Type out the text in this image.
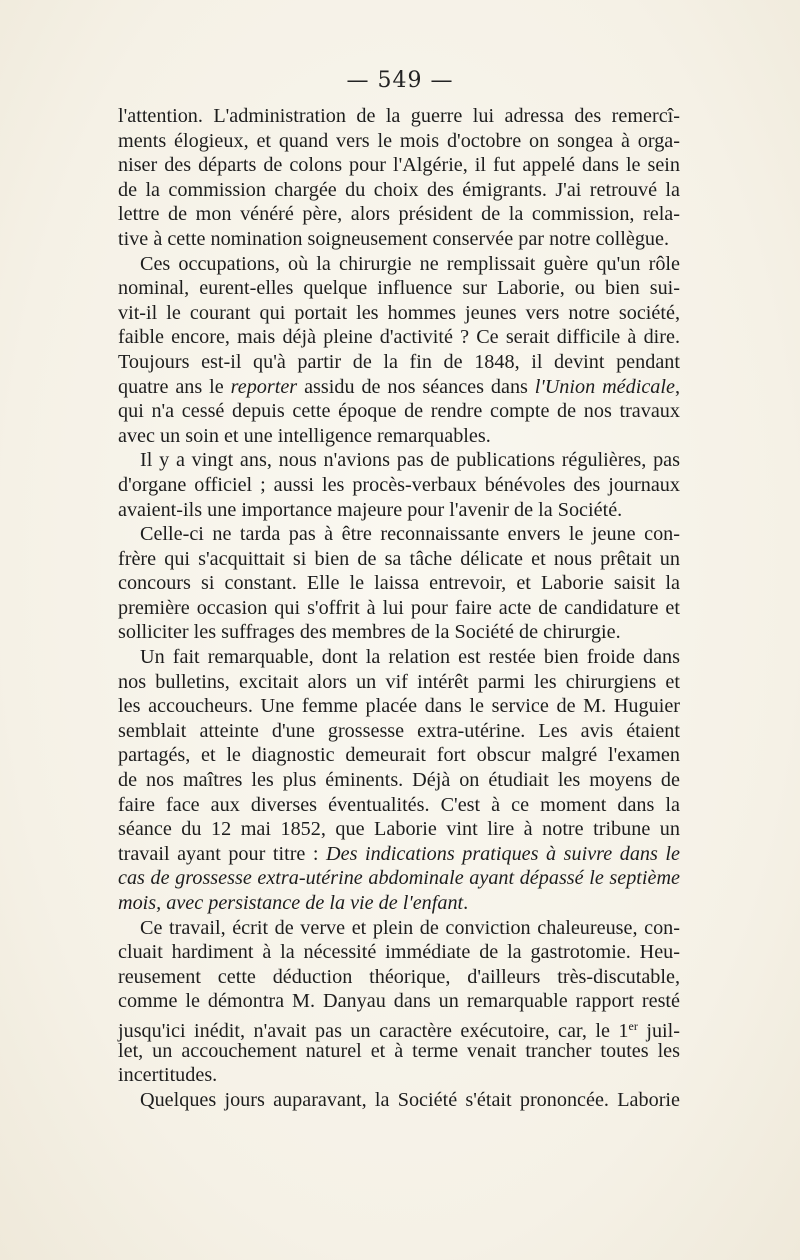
— 549 —
l'attention. L'administration de la guerre lui adressa des remercî-
ments élogieux, et quand vers le mois d'octobre on songea à orga-
niser des départs de colons pour l'Algérie, il fut appelé dans le sein
de la commission chargée du choix des émigrants. J'ai retrouvé la
lettre de mon vénéré père, alors président de la commission, rela-
tive à cette nomination soigneusement conservée par notre collègue.
Ces occupations, où la chirurgie ne remplissait guère qu'un rôle
nominal, eurent-elles quelque influence sur Laborie, ou bien sui-
vit-il le courant qui portait les hommes jeunes vers notre société,
faible encore, mais déjà pleine d'activité ? Ce serait difficile à dire.
Toujours est-il qu'à partir de la fin de 1848, il devint pendant
quatre ans le reporter assidu de nos séances dans l'Union médicale,
qui n'a cessé depuis cette époque de rendre compte de nos travaux
avec un soin et une intelligence remarquables.
Il y a vingt ans, nous n'avions pas de publications régulières, pas
d'organe officiel ; aussi les procès-verbaux bénévoles des journaux
avaient-ils une importance majeure pour l'avenir de la Société.
Celle-ci ne tarda pas à être reconnaissante envers le jeune con-
frère qui s'acquittait si bien de sa tâche délicate et nous prêtait un
concours si constant. Elle le laissa entrevoir, et Laborie saisit la
première occasion qui s'offrit à lui pour faire acte de candidature et
solliciter les suffrages des membres de la Société de chirurgie.
Un fait remarquable, dont la relation est restée bien froide dans
nos bulletins, excitait alors un vif intérêt parmi les chirurgiens et
les accoucheurs. Une femme placée dans le service de M. Huguier
semblait atteinte d'une grossesse extra-utérine. Les avis étaient
partagés, et le diagnostic demeurait fort obscur malgré l'examen
de nos maîtres les plus éminents. Déjà on étudiait les moyens de
faire face aux diverses éventualités. C'est à ce moment dans la
séance du 12 mai 1852, que Laborie vint lire à notre tribune un
travail ayant pour titre : Des indications pratiques à suivre dans le
cas de grossesse extra-utérine abdominale ayant dépassé le septième
mois, avec persistance de la vie de l'enfant.
Ce travail, écrit de verve et plein de conviction chaleureuse, con-
cluait hardiment à la nécessité immédiate de la gastrotomie. Heu-
reusement cette déduction théorique, d'ailleurs très-discutable,
comme le démontra M. Danyau dans un remarquable rapport resté
jusqu'ici inédit, n'avait pas un caractère exécutoire, car, le 1er juil-
let, un accouchement naturel et à terme venait trancher toutes les
incertitudes.
Quelques jours auparavant, la Société s'était prononcée. Laborie
